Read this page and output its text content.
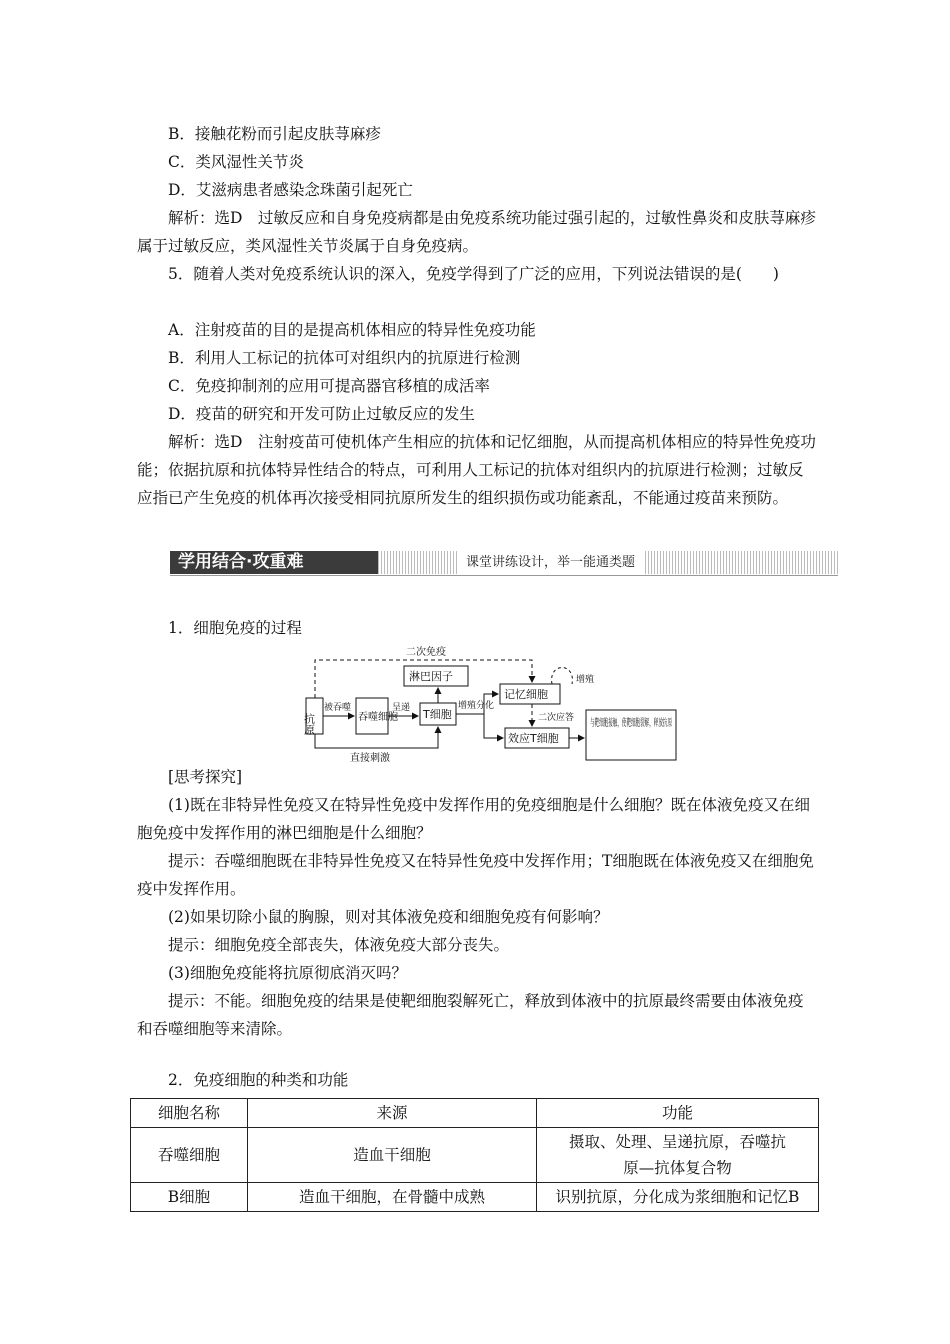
B．接触花粉而引起皮肤荨麻疹

C．类风湿性关节炎

D．艾滋病患者感染念珠菌引起死亡

解析：选D　过敏反应和自身免疫病都是由免疫系统功能过强引起的，过敏性鼻炎和皮肤荨麻疹属于过敏反应，类风湿性关节炎属于自身免疫病。

5．随着人类对免疫系统认识的深入，免疫学得到了广泛的应用，下列说法错误的是(　　)

A．注射疫苗的目的是提高机体相应的特异性免疫功能

B．利用人工标记的抗体可对组织内的抗原进行检测

C．免疫抑制剂的应用可提高器官移植的成活率

D．疫苗的研究和开发可防止过敏反应的发生

解析：选D　注射疫苗可使机体产生相应的抗体和记忆细胞，从而提高机体相应的特异性免疫功能；依据抗原和抗体特异性结合的特点，可利用人工标记的抗体对组织内的抗原进行检测；过敏反应指已产生免疫的机体再次接受相同抗原所发生的组织损伤或功能紊乱，不能通过疫苗来预防。

学用结合·攻重难	课堂讲练设计，举一能通类题

1．细胞免疫的过程

抗原	吞噬细胞 T细胞
淋巴因子
记忆细胞
效应T细胞
与靶细胞接触，使靶细胞裂解，释放抗原
被吞噬	呈递	增殖分化
二次免疫
直接刺激
二次应答
增殖

[思考探究]

(1)既在非特异性免疫又在特异性免疫中发挥作用的免疫细胞是什么细胞？既在体液免疫又在细胞免疫中发挥作用的淋巴细胞是什么细胞？

提示：吞噬细胞既在非特异性免疫又在特异性免疫中发挥作用；T细胞既在体液免疫又在细胞免疫中发挥作用。

(2)如果切除小鼠的胸腺，则对其体液免疫和细胞免疫有何影响？

提示：细胞免疫全部丧失，体液免疫大部分丧失。

(3)细胞免疫能将抗原彻底消灭吗？

提示：不能。细胞免疫的结果是使靶细胞裂解死亡，释放到体液中的抗原最终需要由体液免疫和吞噬细胞等来清除。

2．免疫细胞的种类和功能

细胞名称	来源	功能
吞噬细胞	造血干细胞	摄取、处理、呈递抗原，吞噬抗原—抗体复合物
B细胞	造血干细胞，在骨髓中成熟	识别抗原，分化成为浆细胞和记忆B
